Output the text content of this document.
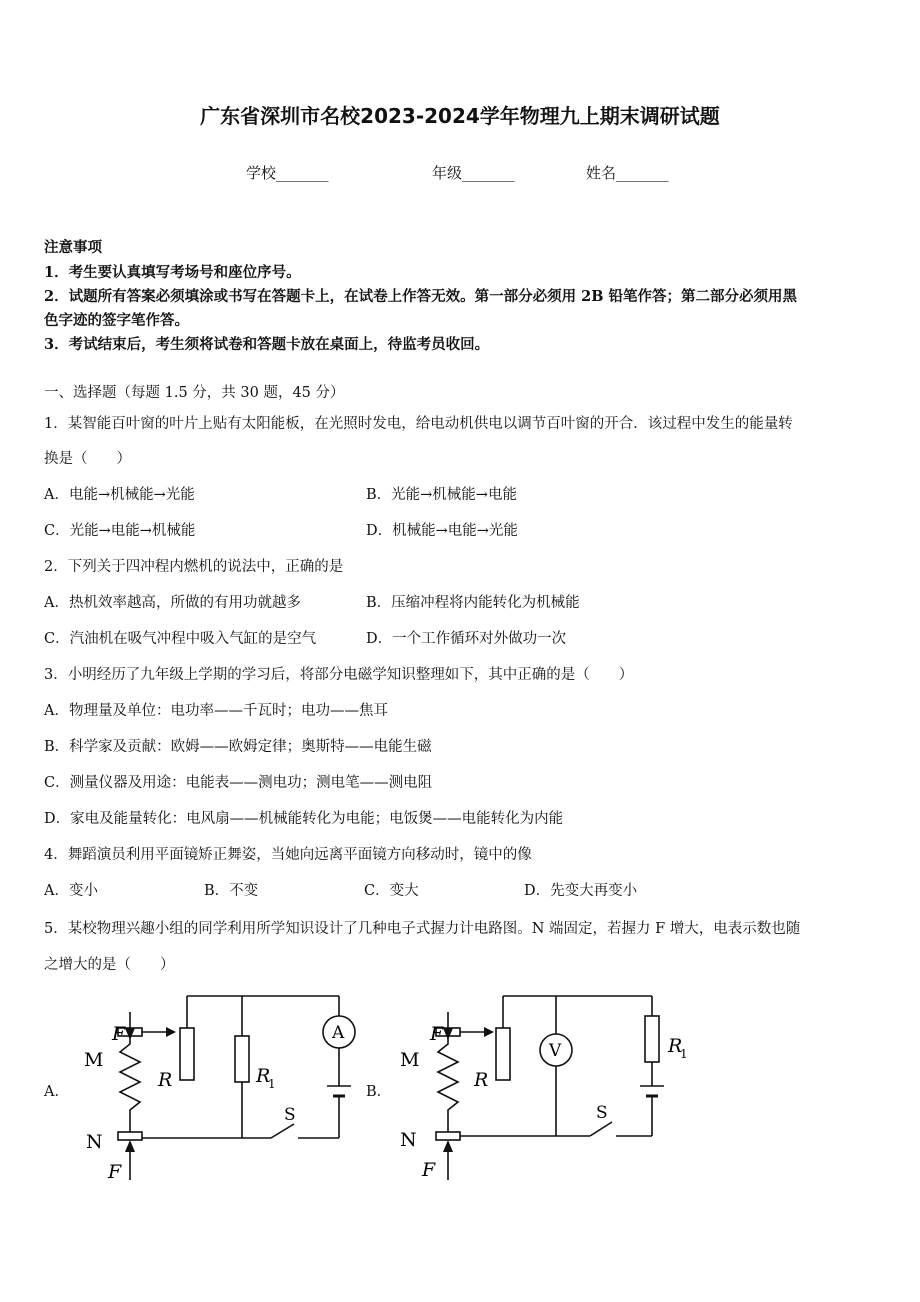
广东省深圳市名校2023-2024学年物理九上期末调研试题
学校_______	年级_______	姓名_______
注意事项
1．考生要认真填写考场号和座位序号。
2．试题所有答案必须填涂或书写在答题卡上，在试卷上作答无效。第一部分必须用 2B 铅笔作答；第二部分必须用黑
色字迹的签字笔作答。
3．考试结束后，考生须将试卷和答题卡放在桌面上，待监考员收回。
一、选择题（每题 1.5 分，共 30 题，45 分）
1．某智能百叶窗的叶片上贴有太阳能板，在光照时发电，给电动机供电以调节百叶窗的开合．该过程中发生的能量转
换是（　　）
A．电能→机械能→光能	B．光能→机械能→电能
C．光能→电能→机械能	D．机械能→电能→光能
2．下列关于四冲程内燃机的说法中，正确的是
A．热机效率越高，所做的有用功就越多	B．压缩冲程将内能转化为机械能
C．汽油机在吸气冲程中吸入气缸的是空气	D．一个工作循环对外做功一次
3．小明经历了九年级上学期的学习后，将部分电磁学知识整理如下，其中正确的是（　　）
A．物理量及单位：电功率——千瓦时；电功——焦耳
B．科学家及贡献：欧姆——欧姆定律；奥斯特——电能生磁
C．测量仪器及用途：电能表——测电功；测电笔——测电阻
D．家电及能量转化：电风扇——机械能转化为电能；电饭煲——电能转化为内能
4．舞蹈演员利用平面镜矫正舞姿，当她向远离平面镜方向移动时，镜中的像
A．变小	B．不变	C．变大	D．先变大再变小
5．某校物理兴趣小组的同学利用所学知识设计了几种电子式握力计电路图。N 端固定，若握力 F 增大，电表示数也随
之增大的是（　　）
A．	B．
F
M
R	R
1
N
F
S
A	F
M
R
R
1
N
F
S
V
